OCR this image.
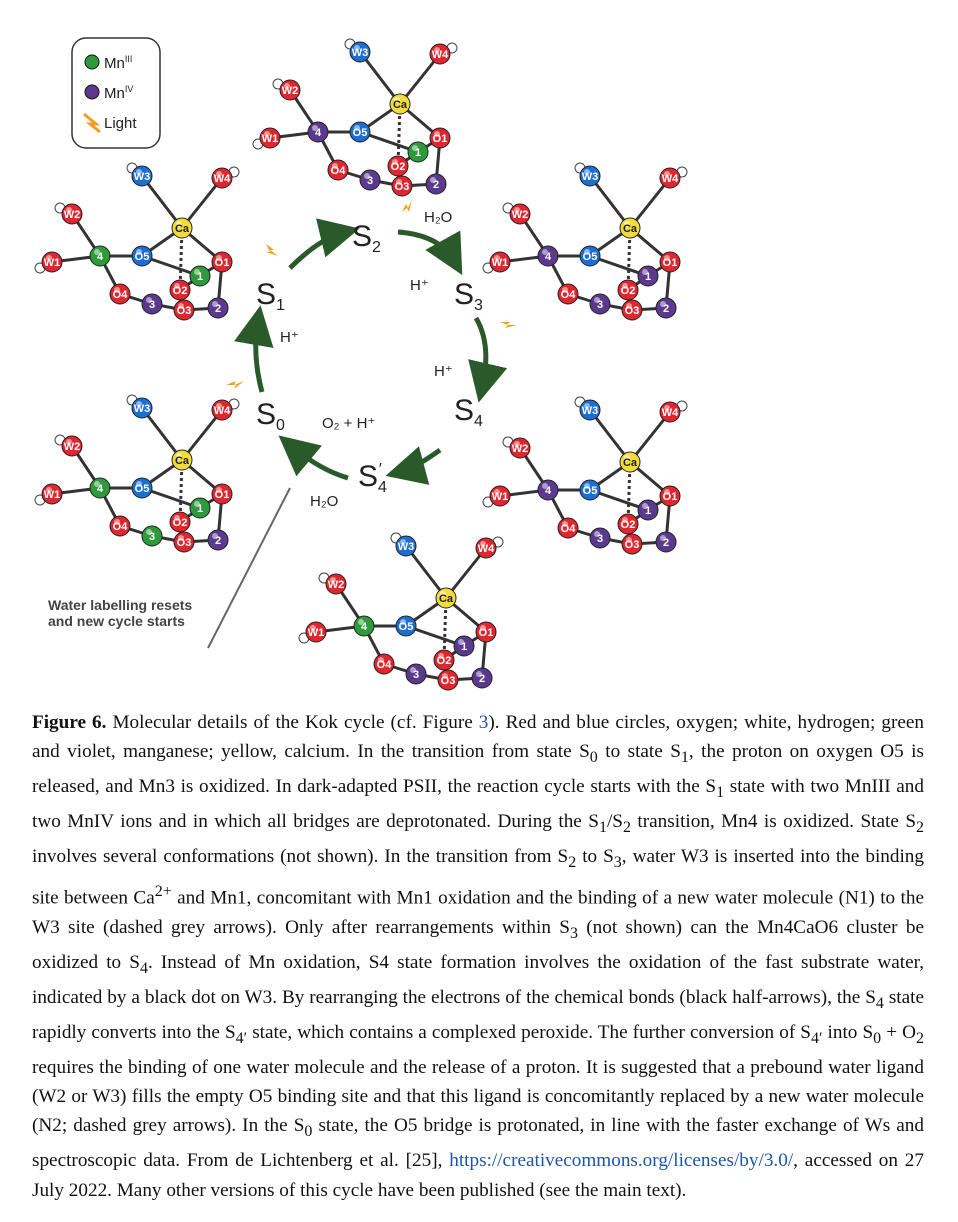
$Mn^{III}$
$Mn^{IV}$
Light
$S_2$
$S_3$
$S_1$
$S_4$
$S_0$
$S_4'$
H₂O
H⁺
H⁺
H⁺
O₂ + H⁺
H₂O
Water labelling resets
and new cycle starts
W2
W1
W4
W3
O4
O1
O2
O3
O5
Ca
4
3
1
2
W2
W1
W4
W3
O4
O1
O2
O3
O5
Ca
4
3
1
2
W2
W1
W4
W3
O4
O1
O2
O3
O5
Ca
4
3
1
2
W2
W1
W4
W3
O4
O1
O2
O3
O5
Ca
4
3
1
2
W2
W1
W4
W3
O4
O1
O2
O3
O5
Ca
4
3
1
2
W2
W1
W4
W3
O4
O1
O2
O3
O5
Ca
4
3
1
2
Figure 6. Molecular details of the Kok cycle (cf. Figure 3). Red and blue circles, oxygen; white, hydrogen; green and violet, manganese; yellow, calcium. In the transition from state $S_0$ to state $S_1$, the proton on oxygen O5 is released, and Mn3 is oxidized. In dark-adapted PSII, the reaction cycle starts with the $S_1$ state with two MnIII and two MnIV ions and in which all bridges are deprotonated. During the $S_1/S_2$ transition, Mn4 is oxidized. State $S_2$ involves several conformations (not shown). In the transition from $S_2$ to $S_3$, water W3 is inserted into the binding site between $Ca^{2+}$ and Mn1, concomitant with Mn1 oxidation and the binding of a new water molecule (N1) to the W3 site (dashed grey arrows). Only after rearrangements within $S_3$ (not shown) can the Mn4CaO6 cluster be oxidized to $S_4$. Instead of Mn oxidation, S4 state formation involves the oxidation of the fast substrate water, indicated by a black dot on W3. By rearranging the electrons of the chemical bonds (black half-arrows), the $S_4$ state rapidly converts into the $S_{4'}$ state, which contains a complexed peroxide. The further conversion of $S_{4'}$ into $S_0 + O_2$ requires the binding of one water molecule and the release of a proton. It is suggested that a prebound water ligand (W2 or W3) fills the empty O5 binding site and that this ligand is concomitantly replaced by a new water molecule (N2; dashed grey arrows). In the $S_0$ state, the O5 bridge is protonated, in line with the faster exchange of Ws and spectroscopic data. From de Lichtenberg et al. [25], https://creativecommons.org/licenses/by/3.0/, accessed on 27 July 2022. Many other versions of this cycle have been published (see the main text).
